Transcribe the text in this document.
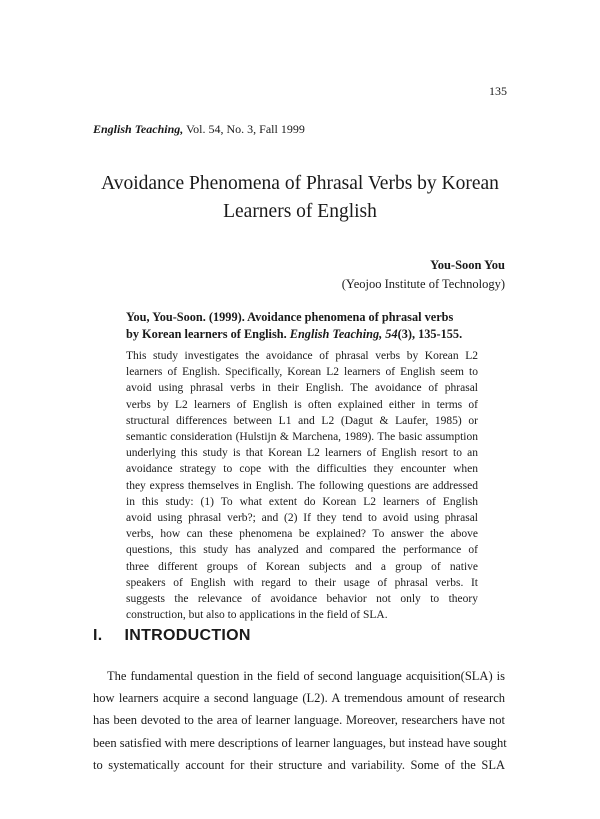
135
English Teaching, Vol. 54, No. 3, Fall 1999
Avoidance Phenomena of Phrasal Verbs by Korean
Learners of English
You-Soon You
(Yeojoo Institute of Technology)
You, You-Soon. (1999). Avoidance phenomena of phrasal verbs
by Korean learners of English. English Teaching, 54(3), 135-155.
This study investigates the avoidance of phrasal verbs by Korean L2
learners of English. Specifically, Korean L2 learners of English seem to
avoid using phrasal verbs in their English. The avoidance of phrasal
verbs by L2 learners of English is often explained either in terms of
structural differences between L1 and L2 (Dagut & Laufer, 1985) or
semantic consideration (Hulstijn & Marchena, 1989). The basic assumption
underlying this study is that Korean L2 learners of English resort to an
avoidance strategy to cope with the difficulties they encounter when
they express themselves in English. The following questions are addressed
in this study: (1) To what extent do Korean L2 learners of English
avoid using phrasal verb?; and (2) If they tend to avoid using phrasal
verbs, how can these phenomena be explained? To answer the above
questions, this study has analyzed and compared the performance of
three different groups of Korean subjects and a group of native
speakers of English with regard to their usage of phrasal verbs. It
suggests the relevance of avoidance behavior not only to theory
construction, but also to applications in the field of SLA.
I. INTRODUCTION
The fundamental question in the field of second language acquisition(SLA) is
how learners acquire a second language (L2). A tremendous amount of research
has been devoted to the area of learner language. Moreover, researchers have not
been satisfied with mere descriptions of learner languages, but instead have sought
to systematically account for their structure and variability. Some of the SLA
